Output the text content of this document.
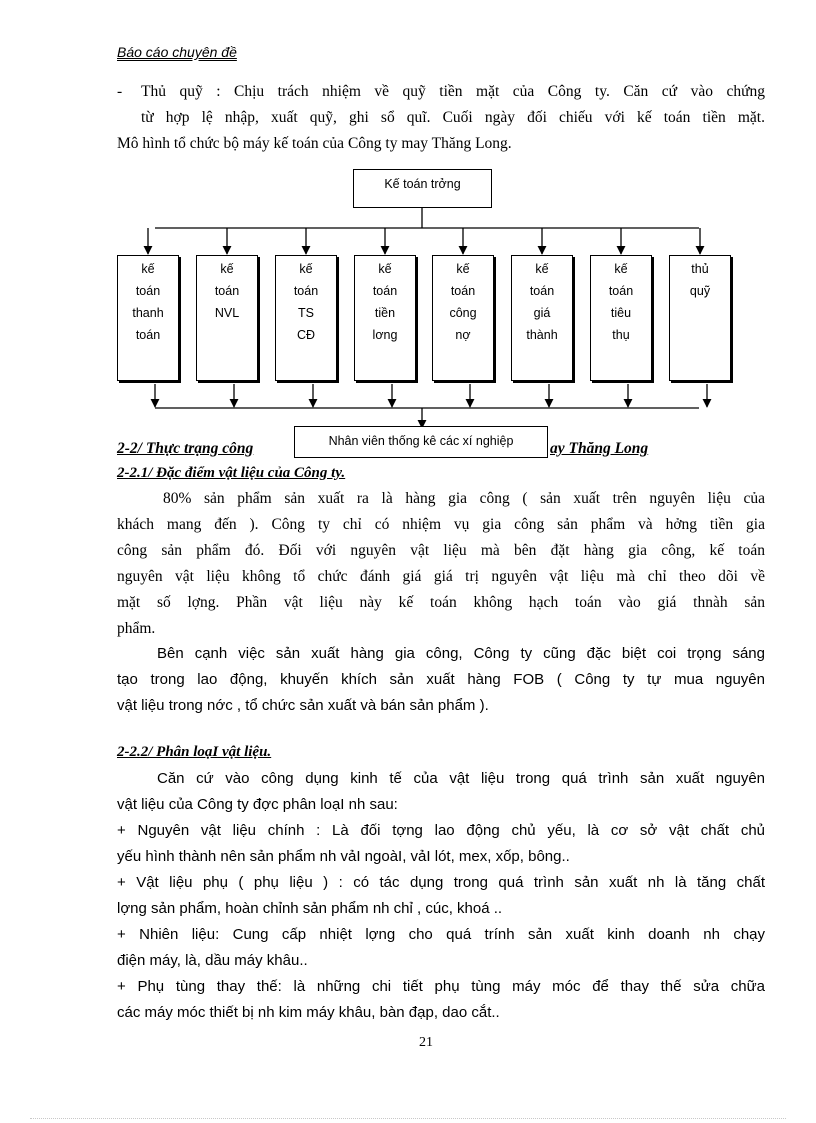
Báo cáo chuyên đề
- Thủ quỹ : Chịu trách nhiệm về quỹ tiền mặt của Công ty. Căn cứ vào chứng
từ hợp lệ nhập, xuất quỹ, ghi sổ quĩ. Cuối ngày đối chiếu với kế toán tiền mặt.
Mô hình tổ chức bộ máy kế toán của Công ty may Thăng Long.
Kế toán trởng
kế
toán
thanh
toán
kế
toán
NVL
kế
toán
TS
CĐ
kế
toán
tiền
lơng
kế
toán
công
nợ
kế
toán
giá
thành
kế
toán
tiêu
thụ
thủ
quỹ
Nhân viên thống kê các xí nghiệp
2-2/ Thực trạng công	ay Thăng Long
2-2.1/ Đặc điểm vật liệu của Công ty.
80% sản phẩm sản xuất ra là hàng gia công ( sản xuất trên nguyên liệu của
khách mang đến ). Công ty chỉ có nhiệm vụ gia công sản phẩm và hởng tiền gia
công sản phẩm đó. Đối với nguyên vật liệu mà bên đặt hàng gia công, kế toán
nguyên vật liệu không tổ chức đánh giá giá trị nguyên vật liệu mà chỉ theo dõi về
mặt số lợng. Phần vật liệu này kế toán không hạch toán vào giá thnàh sản
phẩm.
Bên cạnh việc sản xuất hàng gia công, Công ty cũng đặc biệt coi trọng sáng
tạo trong lao động, khuyến khích sản xuất hàng FOB ( Công ty tự mua nguyên
vật liệu trong nớc , tổ chức sản xuất và bán sản phẩm ).
2-2.2/ Phân loạI vật liệu.
Căn cứ vào công dụng kinh tế của vật liệu trong quá trình sản xuất nguyên
vật liệu của Công ty đợc phân loạI nh sau:
+ Nguyên vật liệu chính : Là đối tợng lao động chủ yếu, là cơ sở vật chất chủ
yếu hình thành nên sản phẩm nh vảI ngoàI, vảI lót, mex, xốp, bông..
+ Vật liệu phụ ( phụ liệu ) : có tác dụng trong quá trình sản xuất nh là tăng chất
lợng sản phẩm, hoàn chỉnh sản phẩm nh chỉ , cúc, khoá ..
+ Nhiên liệu: Cung cấp nhiệt lợng cho quá trính sản xuất kinh doanh nh chạy
điện máy, là, dầu máy khâu..
+ Phụ tùng thay thế: là những chi tiết phụ tùng máy móc để thay thế sửa chữa
các máy móc thiết bị nh kim máy khâu, bàn đạp, dao cắt..
21
